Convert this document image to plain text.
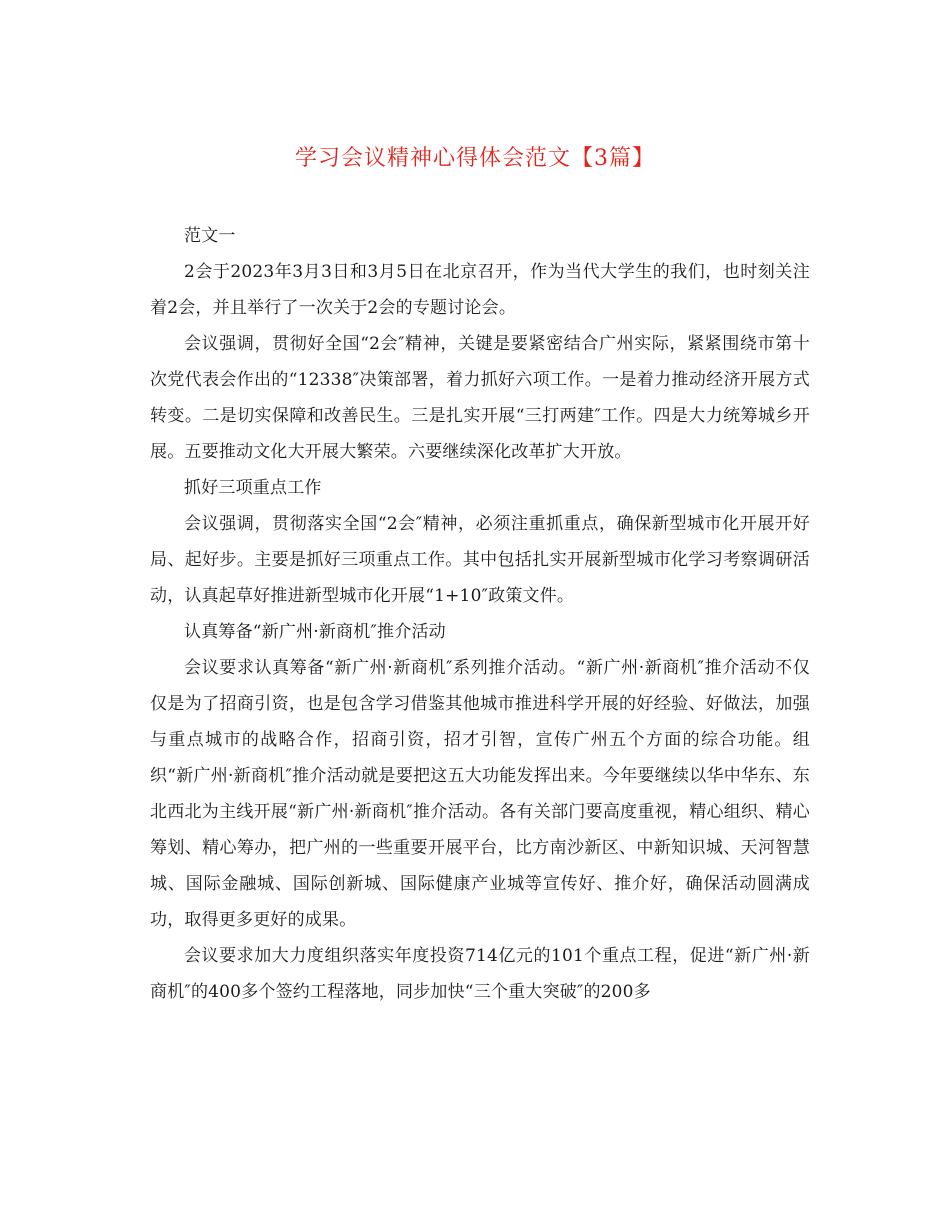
学习会议精神心得体会范文【3篇】

范文一

2会于2023年3月3日和3月5日在北京召开，作为当代大学生的我们，也时刻关注着2会，并且举行了一次关于2会的专题讨论会。

会议强调，贯彻好全国“2会″精神，关键是要紧密结合广州实际，紧紧围绕市第十次党代表会作出的“12338″决策部署，着力抓好六项工作。一是着力推动经济开展方式转变。二是切实保障和改善民生。三是扎实开展“三打两建″工作。四是大力统筹城乡开展。五要推动文化大开展大繁荣。六要继续深化改革扩大开放。

抓好三项重点工作

会议强调，贯彻落实全国“2会″精神，必须注重抓重点，确保新型城市化开展开好局、起好步。主要是抓好三项重点工作。其中包括扎实开展新型城市化学习考察调研活动，认真起草好推进新型城市化开展“1+10″政策文件。

认真筹备“新广州·新商机″推介活动

会议要求认真筹备“新广州·新商机″系列推介活动。“新广州·新商机″推介活动不仅仅是为了招商引资，也是包含学习借鉴其他城市推进科学开展的好经验、好做法，加强与重点城市的战略合作，招商引资，招才引智，宣传广州五个方面的综合功能。组织“新广州·新商机″推介活动就是要把这五大功能发挥出来。今年要继续以华中华东、东北西北为主线开展“新广州·新商机″推介活动。各有关部门要高度重视，精心组织、精心筹划、精心筹办，把广州的一些重要开展平台，比方南沙新区、中新知识城、天河智慧城、国际金融城、国际创新城、国际健康产业城等宣传好、推介好，确保活动圆满成功，取得更多更好的成果。

会议要求加大力度组织落实年度投资714亿元的101个重点工程，促进“新广州·新商机″的400多个签约工程落地，同步加快“三个重大突破″的200多
